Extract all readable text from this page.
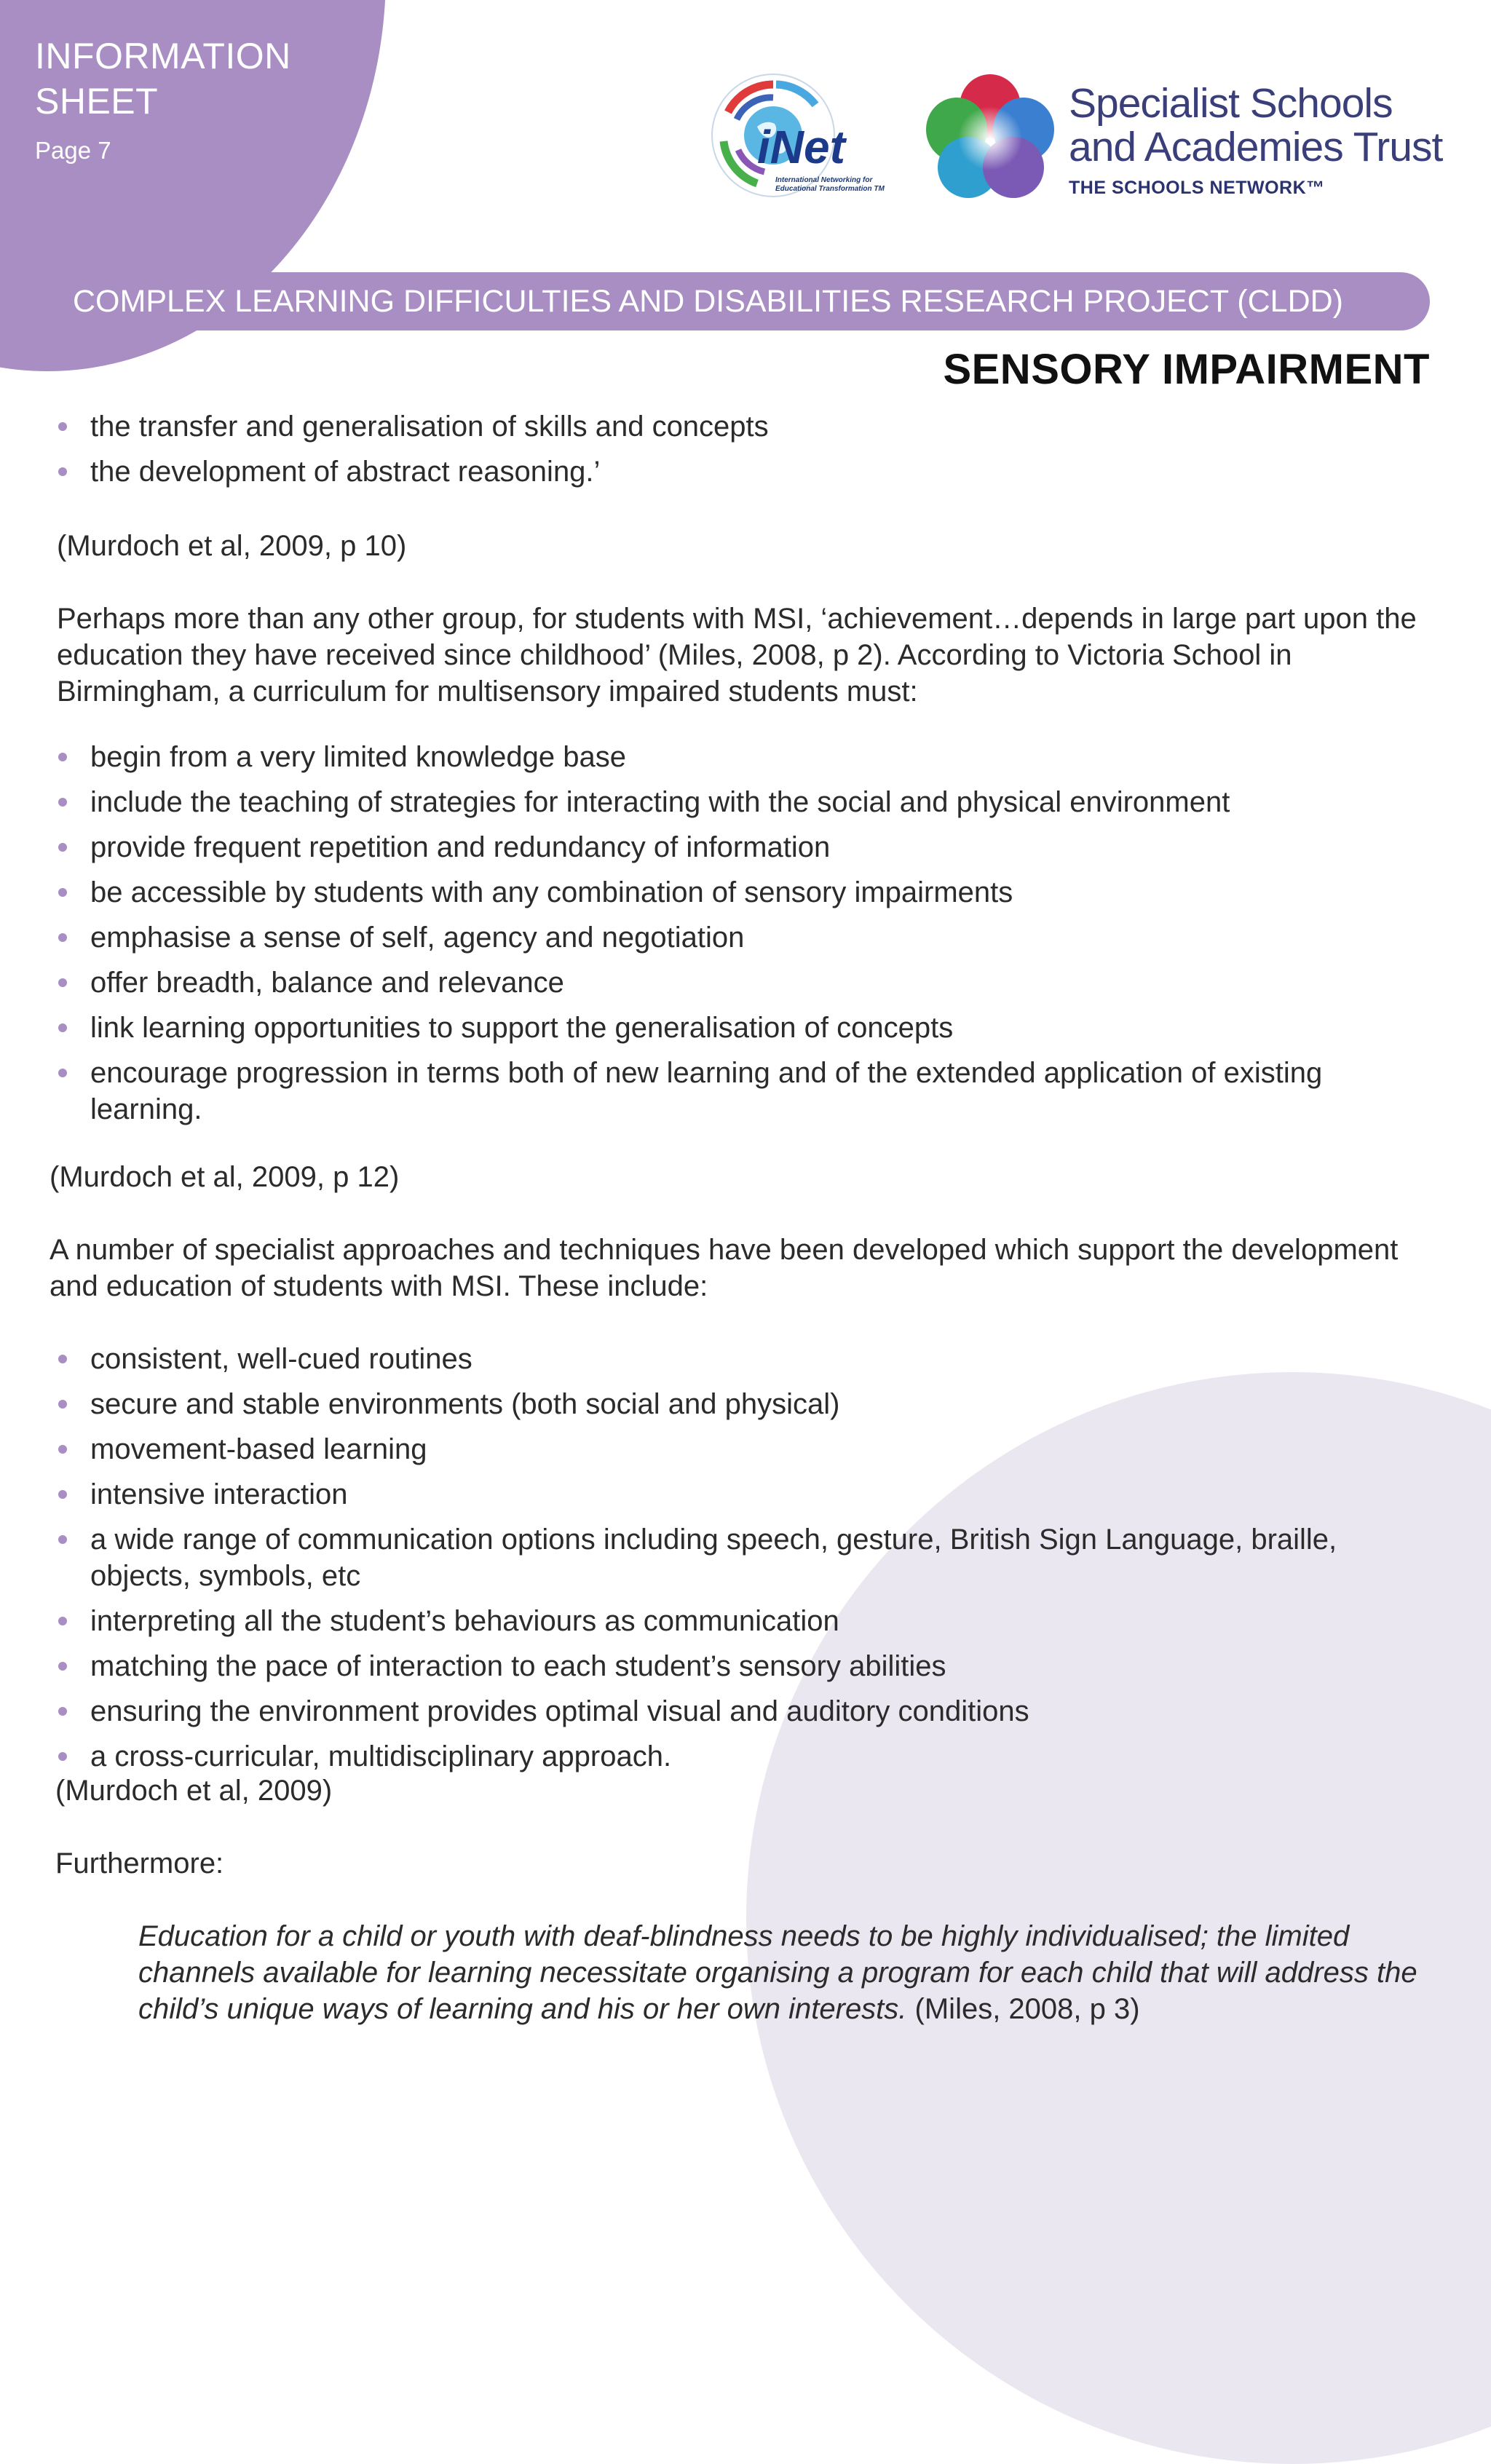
INFORMATION SHEET
Page 7	iNet
International Networking for
Educational Transformation TM
Specialist Schools
and Academies Trust
THE SCHOOLS NETWORK™
COMPLEX LEARNING DIFFICULTIES AND DISABILITIES RESEARCH PROJECT (CLDD)
SENSORY IMPAIRMENT
the transfer and generalisation of skills and concepts
the development of abstract reasoning.’
(Murdoch et al, 2009, p 10)
Perhaps more than any other group, for students with MSI, ‘achievement…depends in large part upon the education they have received since childhood’ (Miles, 2008, p 2). According to Victoria School in Birmingham, a curriculum for multisensory impaired students must:
begin from a very limited knowledge base
include the teaching of strategies for interacting with the social and physical environment
provide frequent repetition and redundancy of information
be accessible by students with any combination of sensory impairments
emphasise a sense of self, agency and negotiation
offer breadth, balance and relevance
link learning opportunities to support the generalisation of concepts
encourage progression in terms both of new learning and of the extended application of existing learning.
(Murdoch et al, 2009, p 12)
A number of specialist approaches and techniques have been developed which support the development and education of students with MSI. These include:
consistent, well-cued routines
secure and stable environments (both social and physical)
movement-based learning
intensive interaction
a wide range of communication options including speech, gesture, British Sign Language, braille, objects, symbols, etc
interpreting all the student’s behaviours as communication
matching the pace of interaction to each student’s sensory abilities
ensuring the environment provides optimal visual and auditory conditions
a cross-curricular, multidisciplinary approach.
(Murdoch et al, 2009)
Furthermore:
Education for a child or youth with deaf-blindness needs to be highly individualised; the limited channels available for learning necessitate organising a program for each child that will address the child’s unique ways of learning and his or her own interests. (Miles, 2008, p 3)
